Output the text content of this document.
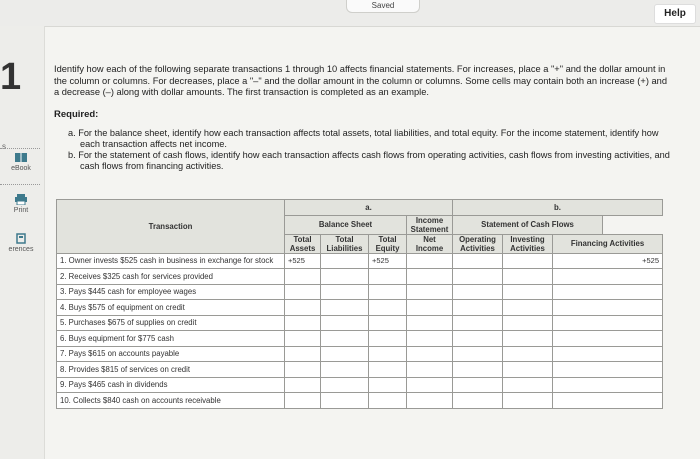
Saved
Help
1
s
eBook
Print
erences

Identify how each of the following separate transactions 1 through 10 affects financial statements. For increases, place a "+" and the dollar amount in the column or columns. For decreases, place a "–" and the dollar amount in the column or columns. Some cells may contain both an increase (+) and a decrease (–) along with dollar amounts. The first transaction is completed as an example.

Required:
a. For the balance sheet, identify how each transaction affects total assets, total liabilities, and total equity. For the income statement, identify how each transaction affects net income.
b. For the statement of cash flows, identify how each transaction affects cash flows from operating activities, cash flows from investing activities, and cash flows from financing activities.
Transaction	a.				b.		
	Balance Sheet			Income Statement	Statement of Cash Flows		
	Total Assets	Total Liabilities	Total Equity	Net Income	Operating Activities	Investing Activities	Financing Activities
1. Owner invests $525 cash in business in exchange for stock	+525		+525				+525
2. Receives $325 cash for services provided							
3. Pays $445 cash for employee wages							
4. Buys $575 of equipment on credit							
5. Purchases $675 of supplies on credit							
6. Buys equipment for $775 cash							
7. Pays $615 on accounts payable							
8. Provides $815 of services on credit							
9. Pays $465 cash in dividends							
10. Collects $840 cash on accounts receivable							
